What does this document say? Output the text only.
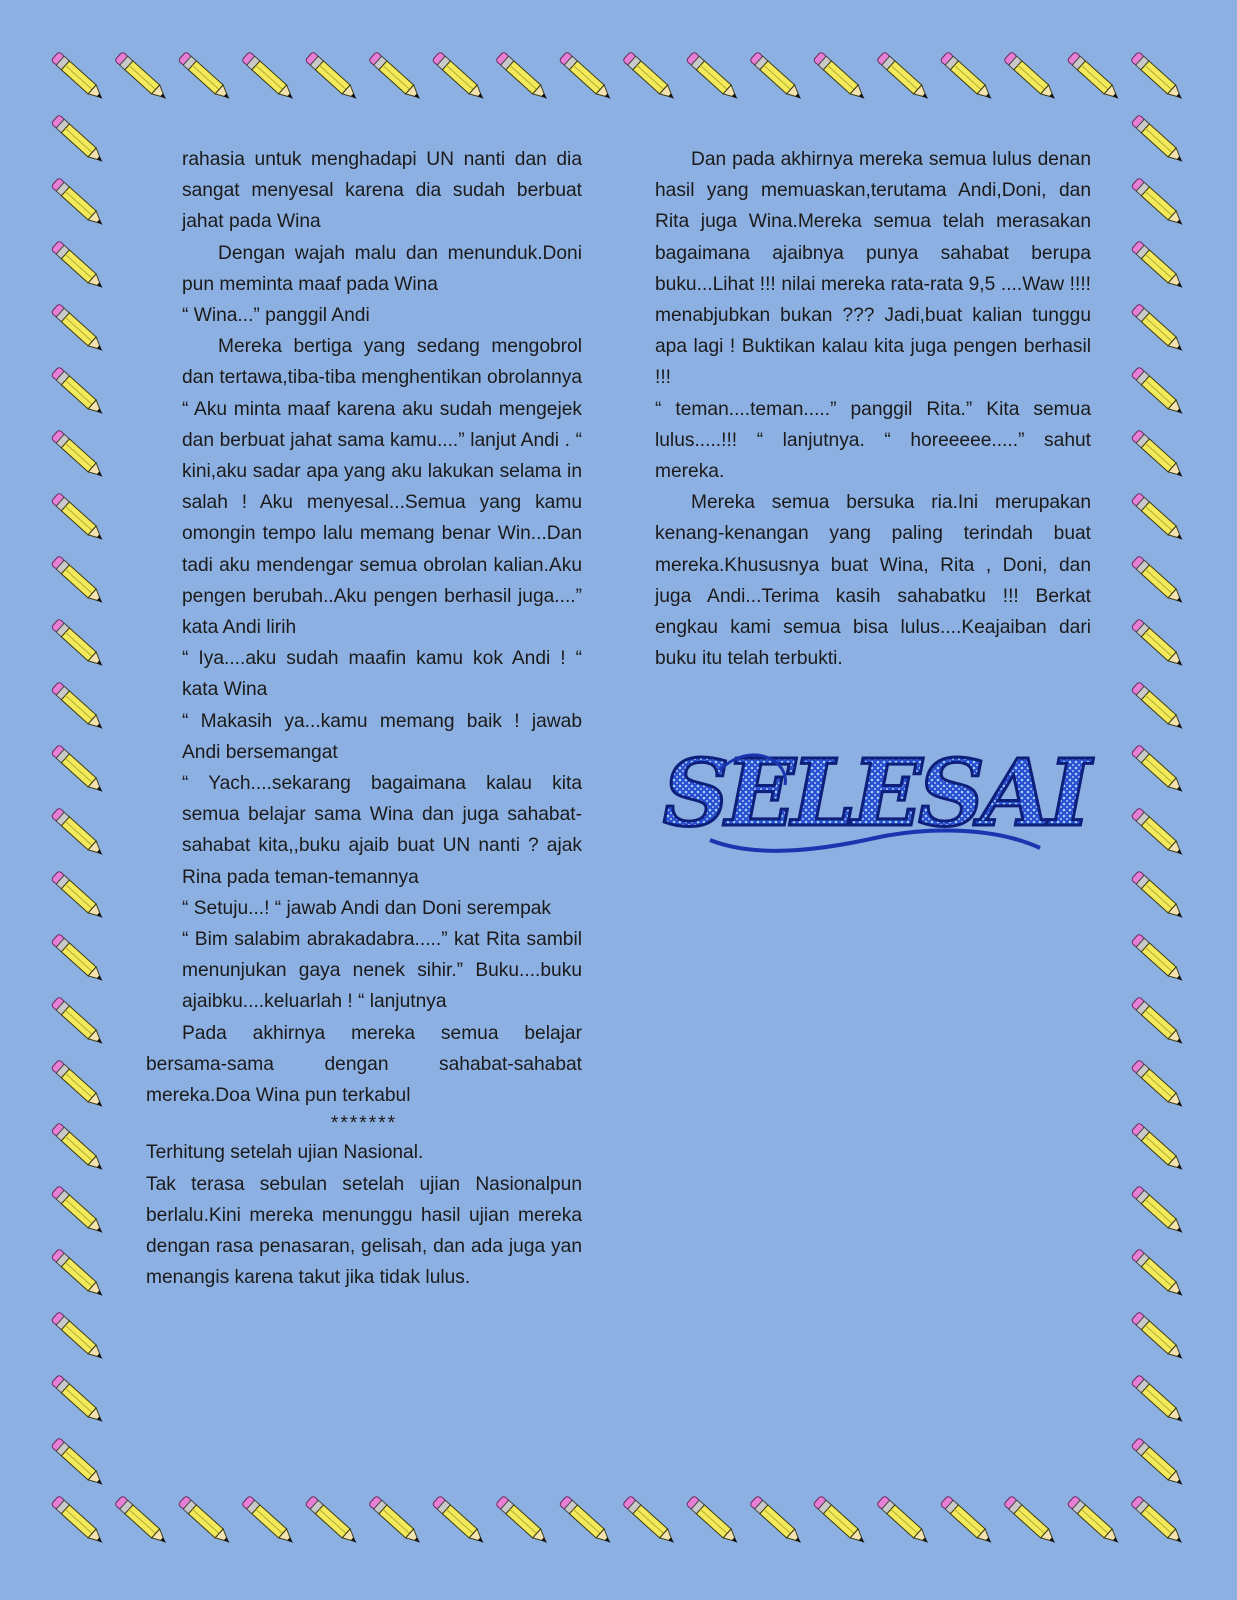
rahasia untuk menghadapi UN nanti dan dia sangat menyesal karena dia sudah berbuat jahat pada Wina

Dengan wajah malu dan menunduk.Doni pun meminta maaf pada Wina

“ Wina...” panggil Andi

Mereka bertiga yang sedang mengobrol dan tertawa,tiba-tiba menghentikan obrolannya

“ Aku minta maaf karena aku sudah mengejek dan berbuat jahat sama kamu....” lanjut Andi . “ kini,aku sadar apa yang aku lakukan selama in salah ! Aku menyesal...Semua yang kamu omongin tempo lalu memang benar Win...Dan tadi aku mendengar semua obrolan kalian.Aku pengen berubah..Aku pengen berhasil juga....” kata Andi lirih

“ Iya....aku sudah maafin kamu kok Andi ! “ kata Wina

“ Makasih ya...kamu memang baik ! jawab Andi bersemangat

“ Yach....sekarang bagaimana kalau kita semua belajar sama Wina dan juga sahabat-sahabat kita,,buku ajaib buat UN nanti ? ajak Rina pada teman-temannya

“ Setuju...! “ jawab Andi dan Doni serempak

“ Bim salabim abrakadabra.....” kat Rita sambil menunjukan gaya nenek sihir.” Buku....buku ajaibku....keluarlah ! “ lanjutnya

Pada akhirnya mereka semua belajar bersama-sama dengan sahabat-sahabat mereka.Doa Wina pun terkabul

*******

Terhitung setelah ujian Nasional.

Tak terasa sebulan setelah ujian Nasionalpun berlalu.Kini mereka menunggu hasil ujian mereka dengan rasa penasaran, gelisah, dan ada juga yan menangis karena takut jika tidak lulus.

Dan pada akhirnya mereka semua lulus denan hasil yang memuaskan,terutama Andi,Doni, dan Rita juga Wina.Mereka semua telah merasakan bagaimana ajaibnya punya sahabat berupa buku...Lihat !!! nilai mereka rata-rata 9,5 ....Waw !!!! menabjubkan bukan ??? Jadi,buat kalian tunggu apa lagi ! Buktikan kalau kita juga pengen berhasil !!!

“ teman....teman.....” panggil Rita.” Kita semua lulus.....!!! “ lanjutnya. “ horeeeee.....” sahut mereka.

Mereka semua bersuka ria.Ini merupakan kenang-kenangan yang paling terindah buat mereka.Khususnya buat Wina, Rita , Doni, dan juga Andi...Terima kasih sahabatku !!! Berkat engkau kami semua bisa lulus....Keajaiban dari buku itu telah terbukti.

SELESAI
